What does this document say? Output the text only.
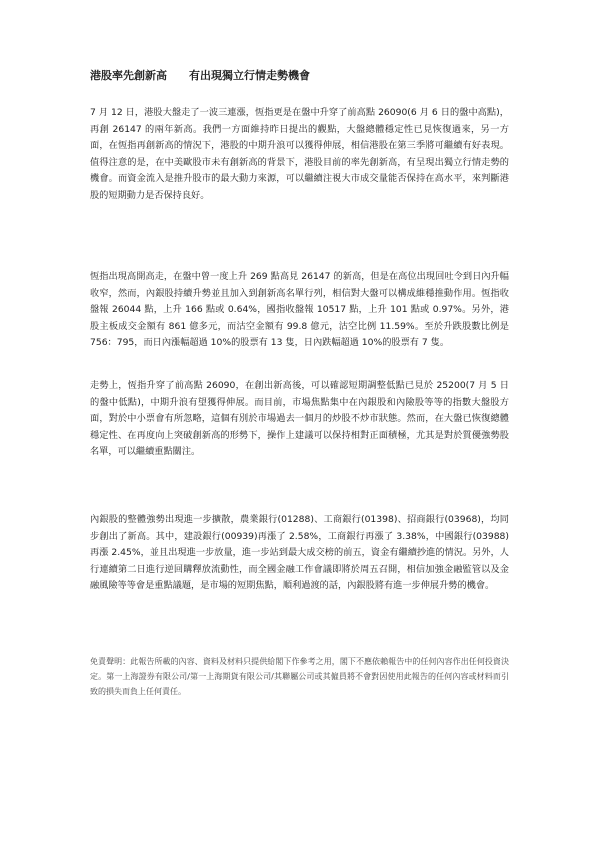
港股率先創新高　　有出現獨立行情走勢機會

7 月 12 日，港股大盤走了一波三連漲，恆指更是在盤中升穿了前高點 26090(6 月 6 日的盤中高點)，再創 26147 的兩年新高。我們一方面維持昨日提出的觀點，大盤總體穩定性已見恢復過來，另一方面，在恆指再創新高的情況下，港股的中期升浪可以獲得伸展，相信港股在第三季將可繼續有好表現。值得注意的是，在中美歐股市未有創新高的背景下，港股目前的率先創新高，有呈現出獨立行情走勢的機會。而資金流入是推升股市的最大動力來源，可以繼續注視大市成交量能否保持在高水平，來判斷港股的短期動力是否保持良好。

恆指出現高開高走，在盤中曾一度上升 269 點高見 26147 的新高，但是在高位出現回吐令到日內升幅收窄，然而，內銀股持續升勢並且加入到創新高名單行列，相信對大盤可以構成維穩推動作用。恆指收盤報 26044 點，上升 166 點或 0.64%，國指收盤報 10517 點，上升 101 點或 0.97%。另外，港股主板成交金額有 861 億多元，而沽空金額有 99.8 億元，沽空比例 11.59%。至於升跌股數比例是 756：795，而日內漲幅超過 10%的股票有 13 隻，日內跌幅超過 10%的股票有 7 隻。

走勢上，恆指升穿了前高點 26090，在創出新高後，可以確認短期調整低點已見於 25200(7 月 5 日的盤中低點)，中期升浪有望獲得伸展。而目前，市場焦點集中在內銀股和內險股等等的指數大盤股方面，對於中小票會有所忽略，這個有別於市場過去一個月的炒股不炒市狀態。然而，在大盤已恢復總體穩定性、在再度向上突破創新高的形勢下，操作上建議可以保持相對正面積極，尤其是對於質優強勢股名單，可以繼續重點關注。

內銀股的整體強勢出現進一步擴散，農業銀行(01288)、工商銀行(01398)、招商銀行(03968)，均同步創出了新高。其中，建設銀行(00939)再漲了 2.58%，工商銀行再漲了 3.38%，中國銀行(03988)再漲 2.45%，並且出現進一步放量，進一步站到最大成交榜的前五，資金有繼續抄進的情況。另外，人行連續第二日進行逆回購釋放流動性，而全國金融工作會議即將於周五召開，相信加強金融監管以及金融風險等等會是重點議題，是市場的短期焦點，順利過渡的話，內銀股將有進一步伸展升勢的機會。

免責聲明：此報告所載的內容、資料及材料只提供給閣下作參考之用，閣下不應依賴報告中的任何內容作出任何投資決定。第一上海證券有限公司/第一上海期貨有限公司/其聯屬公司或其僱員將不會對因使用此報告的任何內容或材料而引致的損失而負上任何責任。
